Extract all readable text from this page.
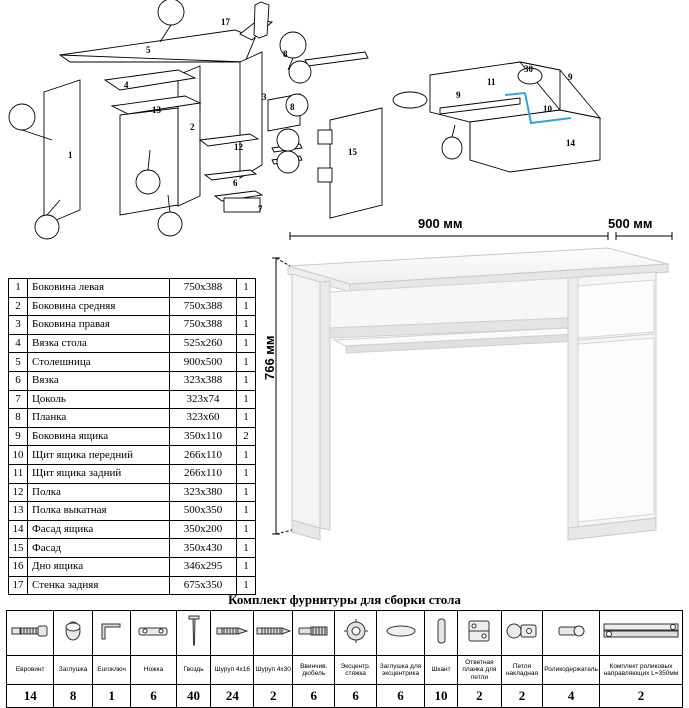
17
5
4
13
2
1
3
12
6
7
15
11	9
9
10
14
30
8
8
1	Боковина левая	750x388	1
2	Боковина средняя	750x388	1
3	Боковина правая	750x388	1
4	Вязка стола	525x260	1
5	Столешница	900x500	1
6	Вязка	323x388	1
7	Цоколь	323x74	1
8	Планка	323x60	1
9	Боковина ящика	350x110	2
10	Щит ящика передний	266x110	1
11	Щит ящика задний	266x110	1
12	Полка	323x380	1
13	Полка выкатная	500x350	1
14	Фасад ящика	350x200	1
15	Фасад	350x430	1
16	Дно ящика	346x295	1
17	Стенка задняя	675x350	1
900 мм	500 мм
766 мм
Комплект фурнитуры для сборки стола

Евровинт	Заглушка	Euroключ	Ножка	Гвоздь	Шуруп 4x16	Шуруп 4x30	Ввинчив. дюбель	Эксцентр. стяжка	Заглушка для эксцентрика	Шкант	Ответная планка для петли	Петля накладная	Роликодержатель	Комплект роликовых направляющих L=350мм
14	8	1	6	40	24	2	6	6	6	10	2	2	4	2
